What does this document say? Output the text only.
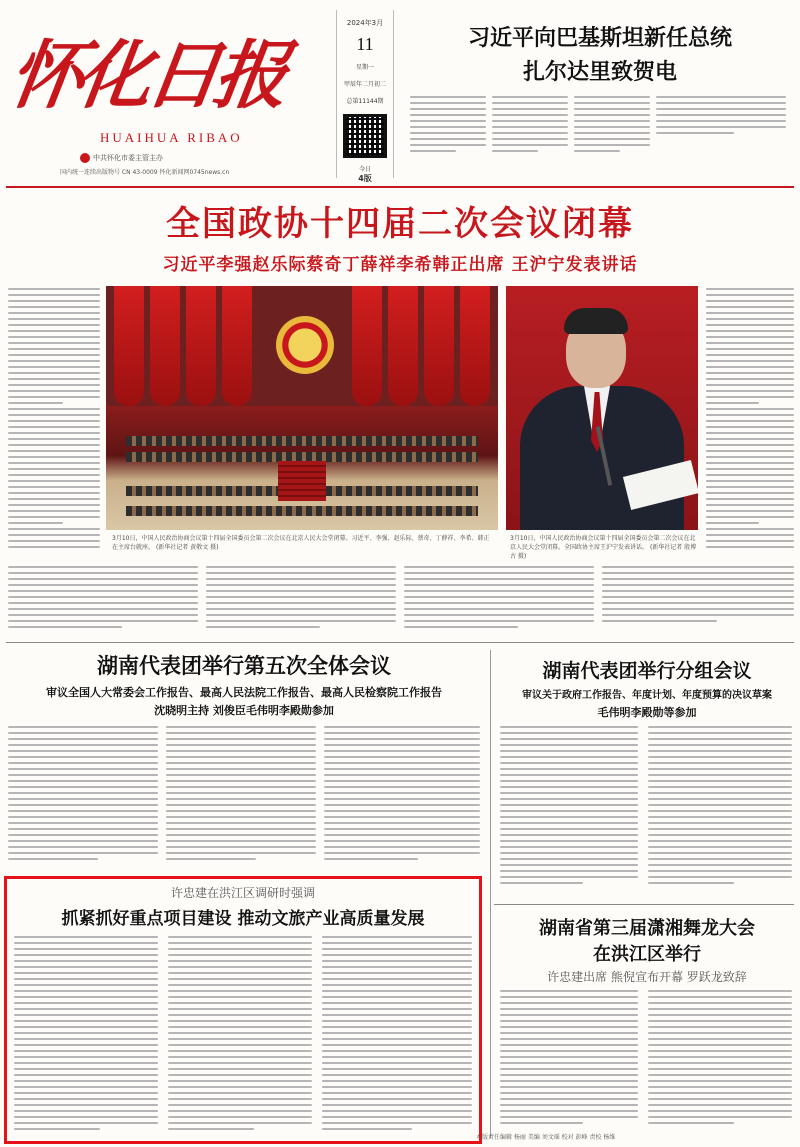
怀化日报
HUAIHUA RIBAO
中共怀化市委主管主办
国内统一连续出版物号 CN 43-0009 怀化新闻网0745news.cn
2024年3月
11
星期一
甲辰年二月初二
总第11144期
今日
4版
习近平向巴基斯坦新任总统
扎尔达里致贺电
全国政协十四届二次会议闭幕
习近平李强赵乐际蔡奇丁薛祥李希韩正出席 王沪宁发表讲话
3月10日，中国人民政治协商会议第十四届全国委员会第二次会议在北京人民大会堂闭幕。习近平、李强、赵乐际、蔡奇、丁薛祥、李希、韩正在主席台就座。 (新华社记者 黄敬文 摄)
3月10日，中国人民政治协商会议第十四届全国委员会第二次会议在北京人民大会堂闭幕。全国政协主席王沪宁发表讲话。 (新华社记者 殷博古 摄)
湖南代表团举行第五次全体会议
审议全国人大常委会工作报告、最高人民法院工作报告、最高人民检察院工作报告
沈晓明主持 刘俊臣毛伟明李殿勋参加
湖南代表团举行分组会议
审议关于政府工作报告、年度计划、年度预算的决议草案
毛伟明李殿勋等参加
许忠建在洪江区调研时强调
抓紧抓好重点项目建设 推动文旅产业高质量发展	湖南省第三届潇湘舞龙大会
在洪江区举行
许忠建出席 熊倪宣布开幕 罗跃龙致辞
本版责任编辑 杨丽 美编 刘文瑶 校对 彭峰 责校 杨维
